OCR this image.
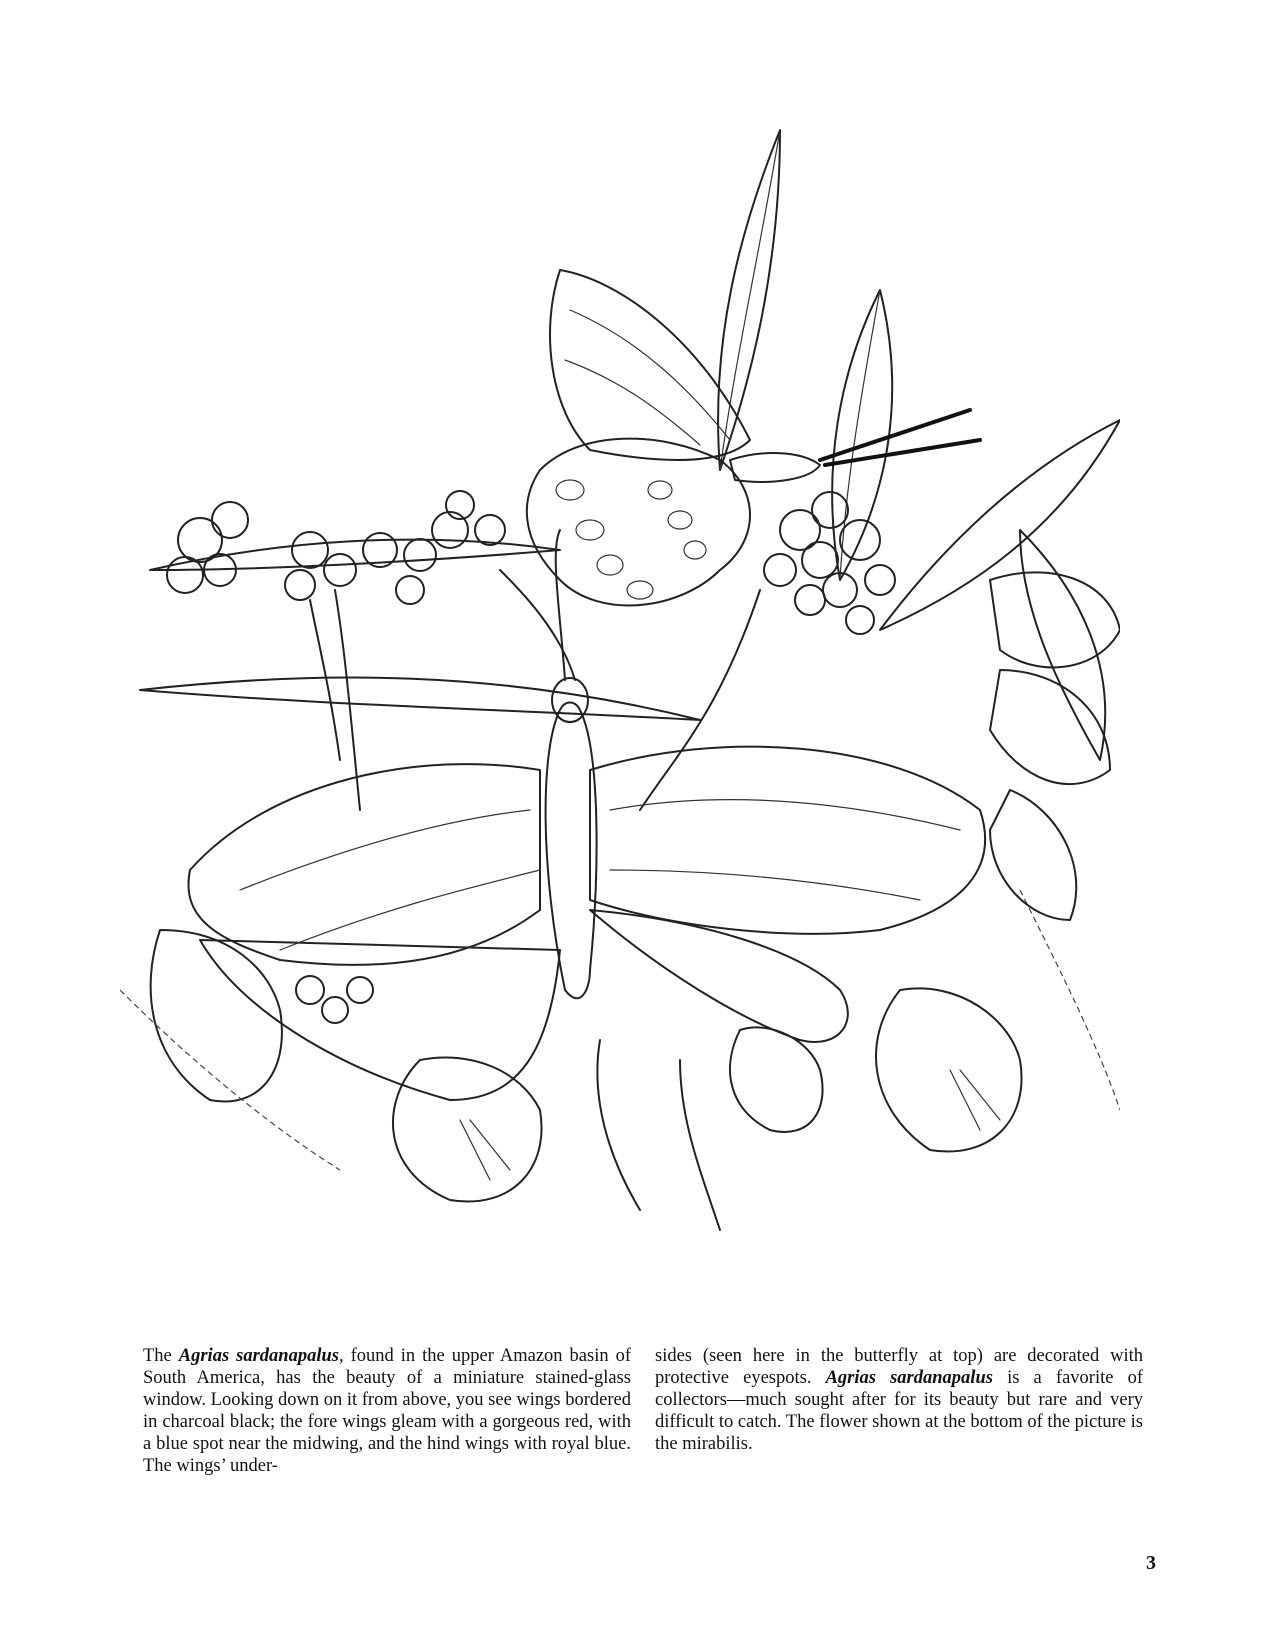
The Agrias sardanapalus, found in the upper Amazon basin of South America, has the beauty of a miniature stained-glass window. Looking down on it from above, you see wings bordered in charcoal black; the fore wings gleam with a gorgeous red, with a blue spot near the midwing, and the hind wings with royal blue. The wings’ under-

sides (seen here in the butterfly at top) are decorated with protective eyespots. Agrias sardanapalus is a favorite of collectors—much sought after for its beauty but rare and very difficult to catch. The flower shown at the bottom of the picture is the mirabilis.

3
